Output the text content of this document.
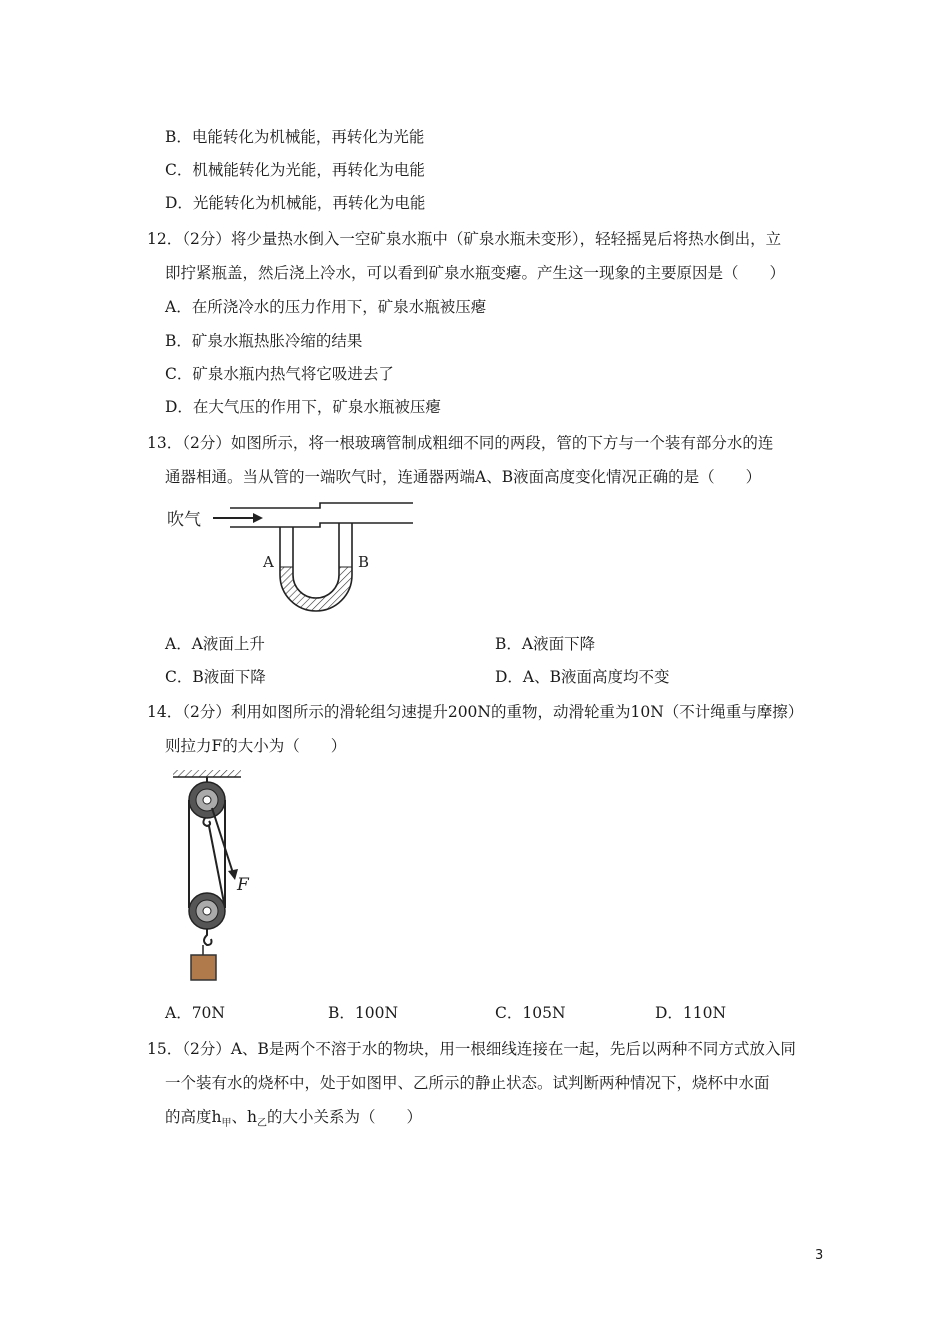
B．电能转化为机械能，再转化为光能
C．机械能转化为光能，再转化为电能
D．光能转化为机械能，再转化为电能
12．（2分）将少量热水倒入一空矿泉水瓶中（矿泉水瓶未变形），轻轻摇晃后将热水倒出，立
即拧紧瓶盖，然后浇上冷水，可以看到矿泉水瓶变瘪。产生这一现象的主要原因是（　　）
A．在所浇冷水的压力作用下，矿泉水瓶被压瘪
B．矿泉水瓶热胀冷缩的结果
C．矿泉水瓶内热气将它吸进去了
D．在大气压的作用下，矿泉水瓶被压瘪
13．（2分）如图所示，将一根玻璃管制成粗细不同的两段，管的下方与一个装有部分水的连
通器相通。当从管的一端吹气时，连通器两端A、B液面高度变化情况正确的是（　　）
吹气
A	B
A．A液面上升	B．A液面下降
C．B液面下降	D．A、B液面高度均不变
14．（2分）利用如图所示的滑轮组匀速提升200N的重物，动滑轮重为10N（不计绳重与摩擦）
则拉力F的大小为（　　）
F
A．70N	B．100N	C．105N	D．110N
15．（2分）A、B是两个不溶于水的物块，用一根细线连接在一起，先后以两种不同方式放入同
一个装有水的烧杯中，处于如图甲、乙所示的静止状态。试判断两种情况下，烧杯中水面
的高度$h_甲$、$h_乙$的大小关系为（　　）
3
